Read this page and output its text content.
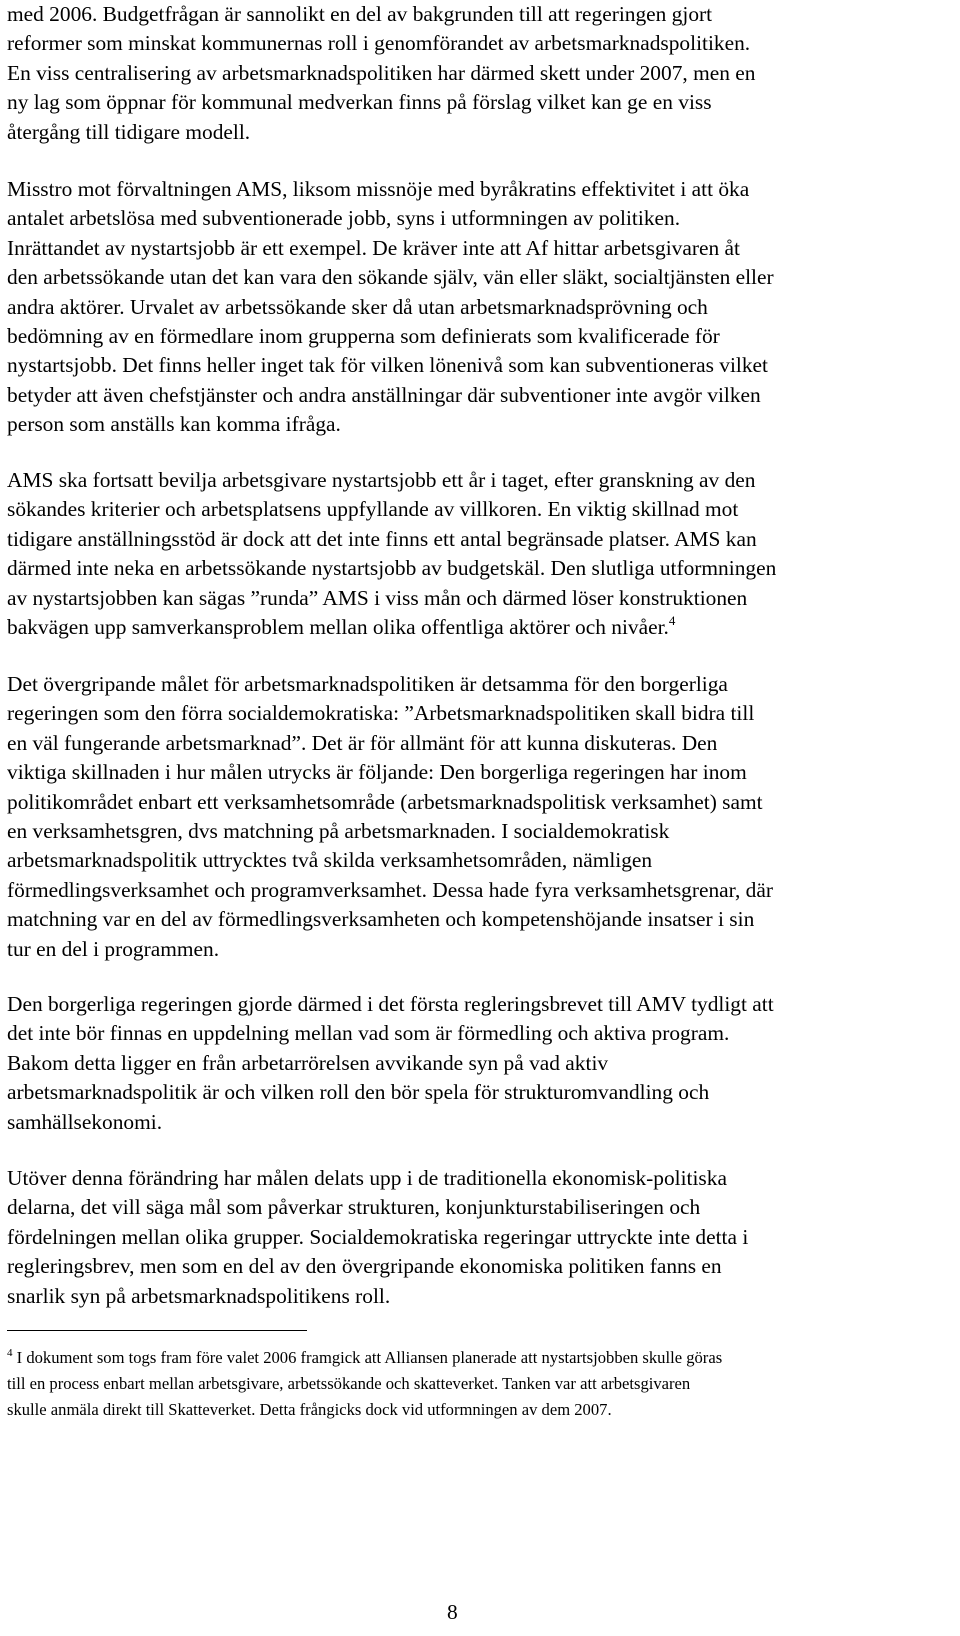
med 2006. Budgetfrågan är sannolikt en del av bakgrunden till att regeringen gjort
reformer som minskat kommunernas roll i genomförandet av arbetsmarknadspolitiken.
En viss centralisering av arbetsmarknadspolitiken har därmed skett under 2007, men en
ny lag som öppnar för kommunal medverkan finns på förslag vilket kan ge en viss
återgång till tidigare modell.
Misstro mot förvaltningen AMS, liksom missnöje med byråkratins effektivitet i att öka
antalet arbetslösa med subventionerade jobb, syns i utformningen av politiken.
Inrättandet av nystartsjobb är ett exempel. De kräver inte att Af hittar arbetsgivaren åt
den arbetssökande utan det kan vara den sökande själv, vän eller släkt, socialtjänsten eller
andra aktörer. Urvalet av arbetssökande sker då utan arbetsmarknadsprövning och
bedömning av en förmedlare inom grupperna som definierats som kvalificerade för
nystartsjobb. Det finns heller inget tak för vilken lönenivå som kan subventioneras vilket
betyder att även chefstjänster och andra anställningar där subventioner inte avgör vilken
person som anställs kan komma ifråga.
AMS ska fortsatt bevilja arbetsgivare nystartsjobb ett år i taget, efter granskning av den
sökandes kriterier och arbetsplatsens uppfyllande av villkoren. En viktig skillnad mot
tidigare anställningsstöd är dock att det inte finns ett antal begränsade platser. AMS kan
därmed inte neka en arbetssökande nystartsjobb av budgetskäl. Den slutliga utformningen
av nystartsjobben kan sägas ”runda” AMS i viss mån och därmed löser konstruktionen
bakvägen upp samverkansproblem mellan olika offentliga aktörer och nivåer.$^4$
Det övergripande målet för arbetsmarknadspolitiken är detsamma för den borgerliga
regeringen som den förra socialdemokratiska: ”Arbetsmarknadspolitiken skall bidra till
en väl fungerande arbetsmarknad”. Det är för allmänt för att kunna diskuteras. Den
viktiga skillnaden i hur målen utrycks är följande: Den borgerliga regeringen har inom
politikområdet enbart ett verksamhetsområde (arbetsmarknadspolitisk verksamhet) samt
en verksamhetsgren, dvs matchning på arbetsmarknaden. I socialdemokratisk
arbetsmarknadspolitik uttrycktes två skilda verksamhetsområden, nämligen
förmedlingsverksamhet och programverksamhet. Dessa hade fyra verksamhetsgrenar, där
matchning var en del av förmedlingsverksamheten och kompetenshöjande insatser i sin
tur en del i programmen.
Den borgerliga regeringen gjorde därmed i det första regleringsbrevet till AMV tydligt att
det inte bör finnas en uppdelning mellan vad som är förmedling och aktiva program.
Bakom detta ligger en från arbetarrörelsen avvikande syn på vad aktiv
arbetsmarknadspolitik är och vilken roll den bör spela för strukturomvandling och
samhällsekonomi.
Utöver denna förändring har målen delats upp i de traditionella ekonomisk-politiska
delarna, det vill säga mål som påverkar strukturen, konjunkturstabiliseringen och
fördelningen mellan olika grupper. Socialdemokratiska regeringar uttryckte inte detta i
regleringsbrev, men som en del av den övergripande ekonomiska politiken fanns en
snarlik syn på arbetsmarknadspolitikens roll.
$^4$ I dokument som togs fram före valet 2006 framgick att Alliansen planerade att nystartsjobben skulle göras
till en process enbart mellan arbetsgivare, arbetssökande och skatteverket. Tanken var att arbetsgivaren
skulle anmäla direkt till Skatteverket. Detta frångicks dock vid utformningen av dem 2007.
8
